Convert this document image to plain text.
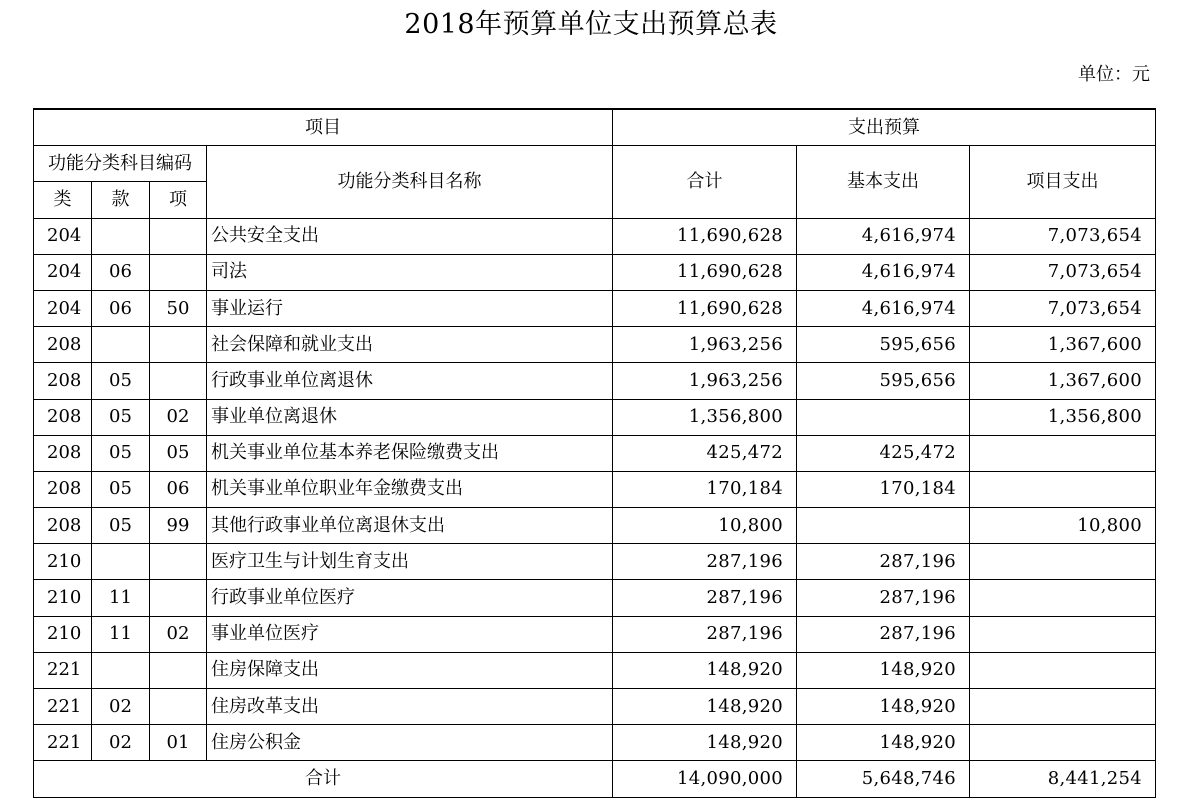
2018年预算单位支出预算总表
单位：元
项目				支出预算		
功能分类科目编码			功能分类科目名称	合计	基本支出	项目支出
类	款	项				
204			公共安全支出	11,690,628	4,616,974	7,073,654
204	06		司法	11,690,628	4,616,974	7,073,654
204	06	50	事业运行	11,690,628	4,616,974	7,073,654
208			社会保障和就业支出	1,963,256	595,656	1,367,600
208	05		行政事业单位离退休	1,963,256	595,656	1,367,600
208	05	02	事业单位离退休	1,356,800		1,356,800
208	05	05	机关事业单位基本养老保险缴费支出	425,472	425,472	
208	05	06	机关事业单位职业年金缴费支出	170,184	170,184	
208	05	99	其他行政事业单位离退休支出	10,800		10,800
210			医疗卫生与计划生育支出	287,196	287,196	
210	11		行政事业单位医疗	287,196	287,196	
210	11	02	事业单位医疗	287,196	287,196	
221			住房保障支出	148,920	148,920	
221	02		住房改革支出	148,920	148,920	
221	02	01	住房公积金	148,920	148,920	
合计				14,090,000	5,648,746	8,441,254
